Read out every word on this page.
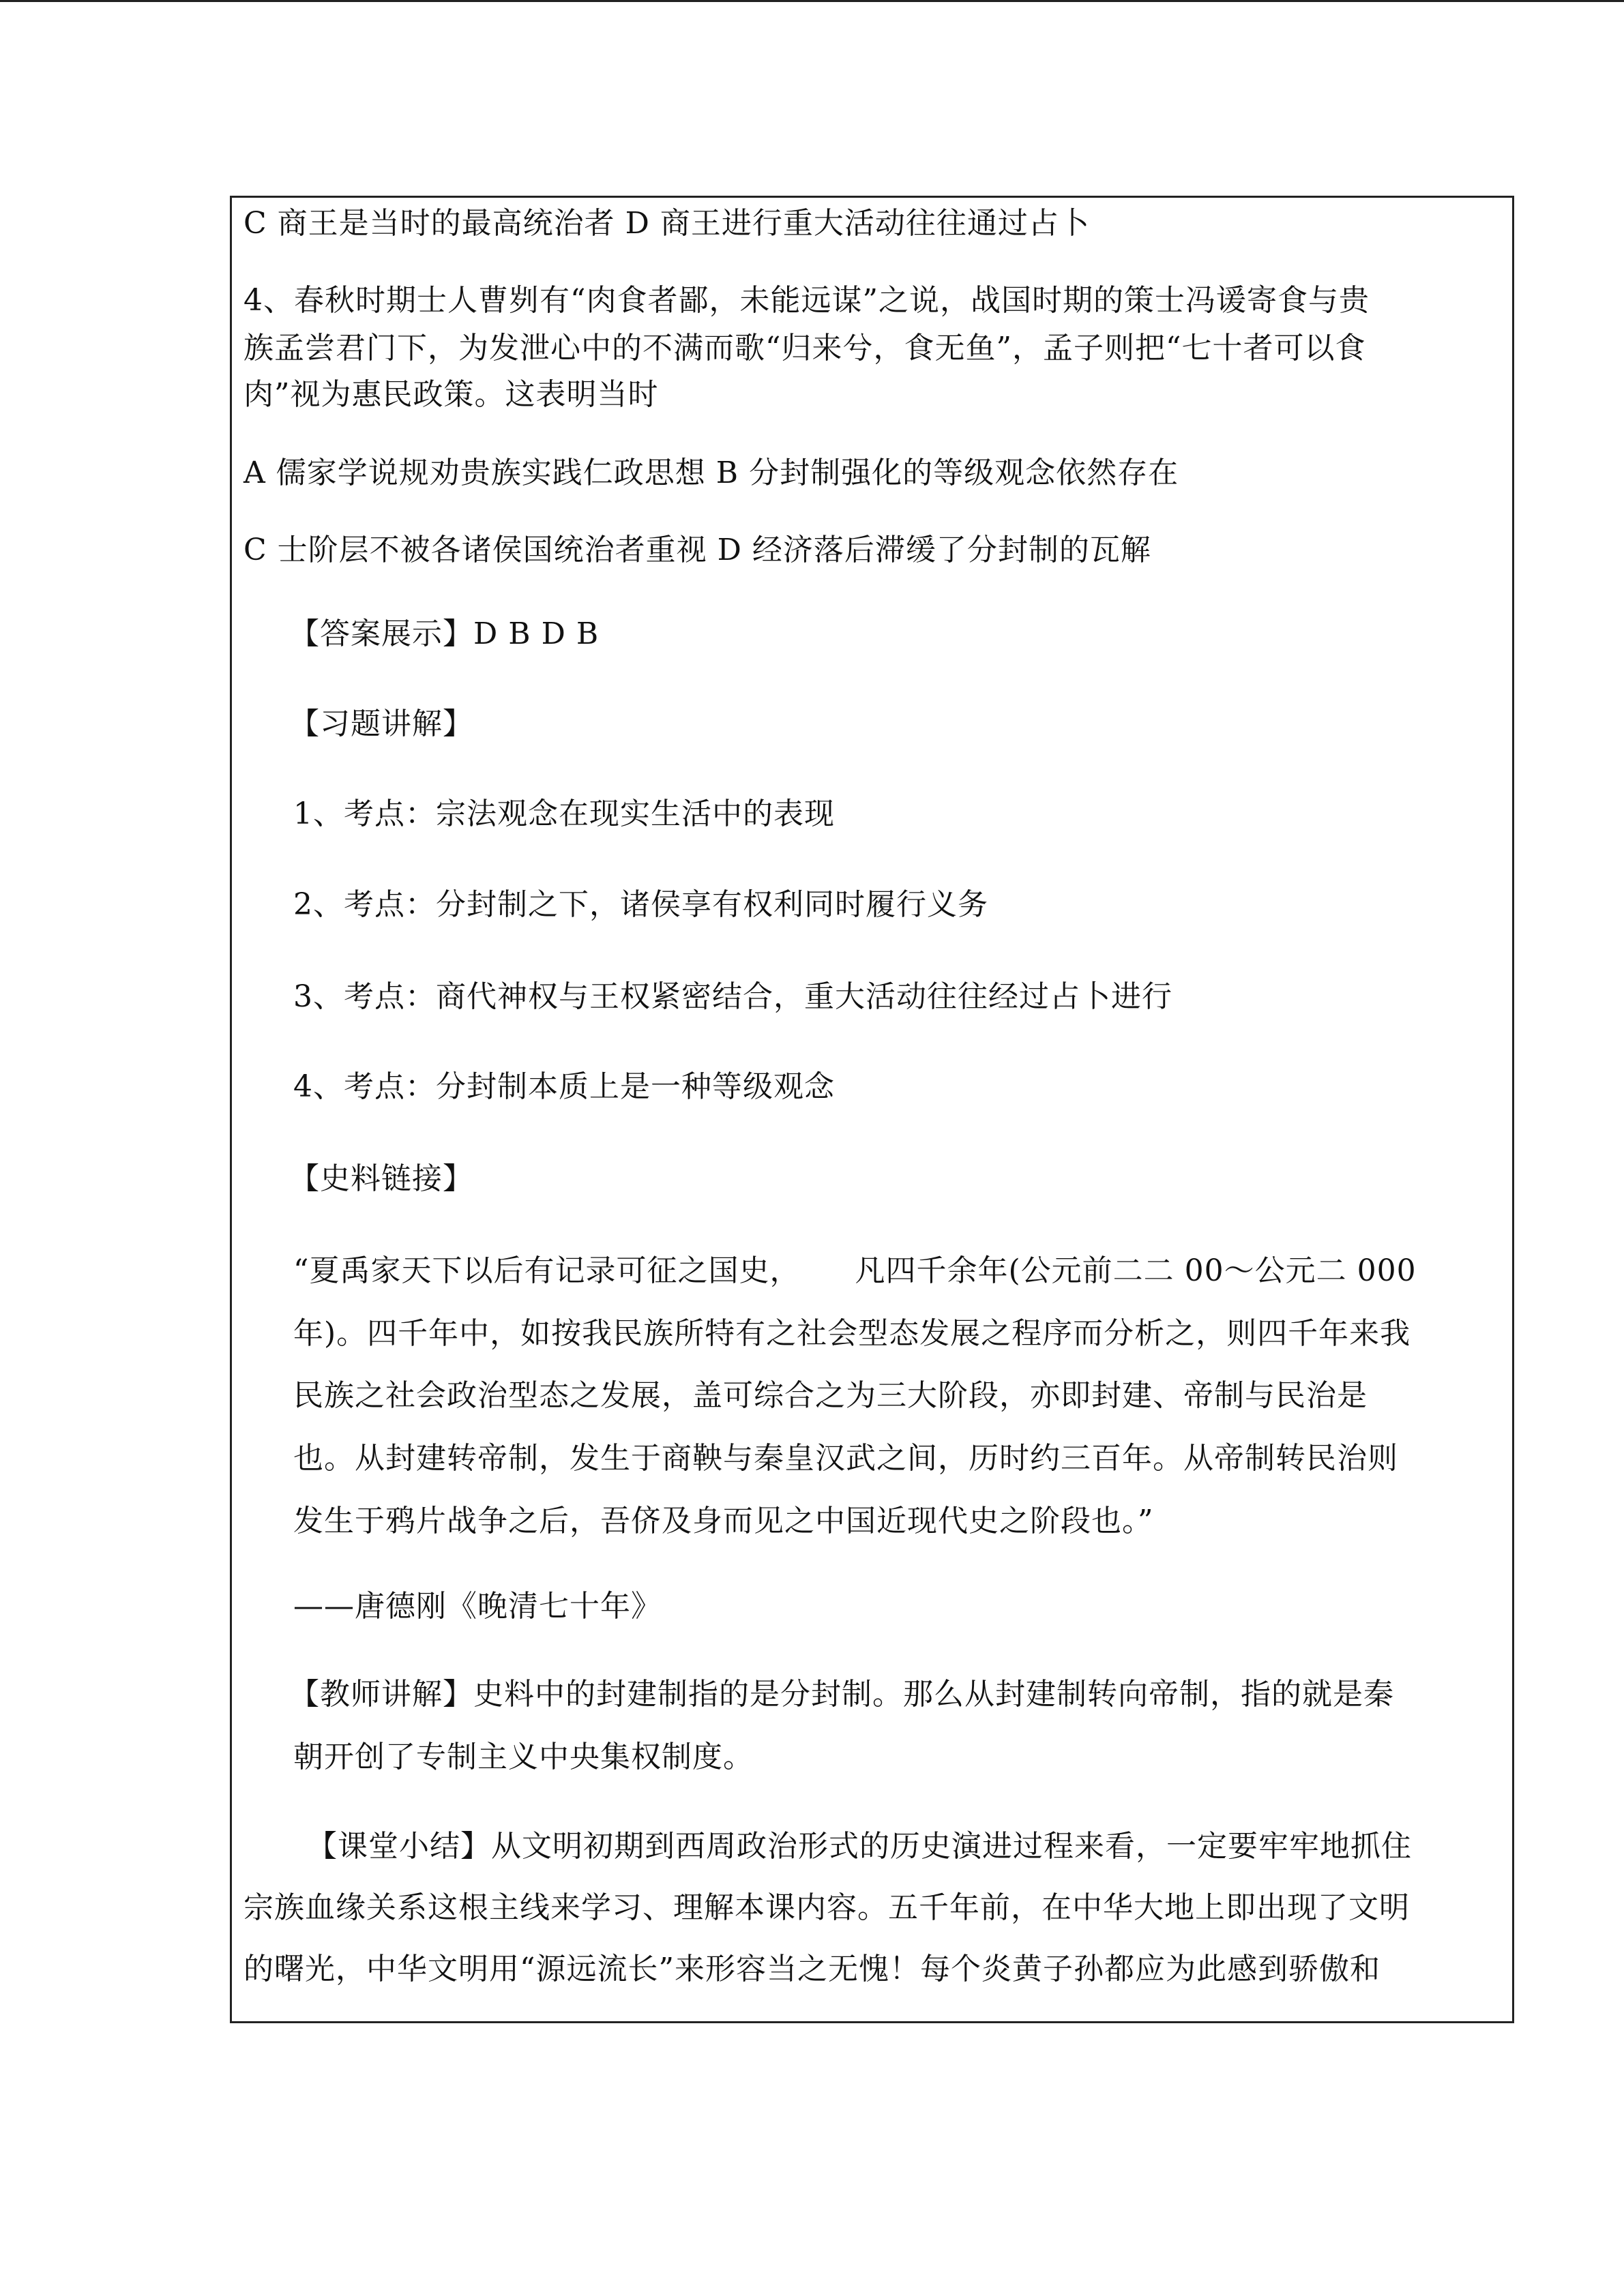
C 商王是当时的最高统治者 D 商王进行重大活动往往通过占卜
4、春秋时期士人曹刿有“肉食者鄙，未能远谋”之说，战国时期的策士冯谖寄食与贵
族孟尝君门下，为发泄心中的不满而歌“归来兮，食无鱼”，孟子则把“七十者可以食
肉”视为惠民政策。这表明当时
A 儒家学说规劝贵族实践仁政思想 B 分封制强化的等级观念依然存在
C 士阶层不被各诸侯国统治者重视 D 经济落后滞缓了分封制的瓦解
【答案展示】D B D B
【习题讲解】
1、考点：宗法观念在现实生活中的表现
2、考点：分封制之下，诸侯享有权利同时履行义务
3、考点：商代神权与王权紧密结合，重大活动往往经过占卜进行
4、考点：分封制本质上是一种等级观念
【史料链接】
“夏禹家天下以后有记录可征之国史， 凡四千余年(公元前二二 00～公元二 000
年)。四千年中，如按我民族所特有之社会型态发展之程序而分析之，则四千年来我
民族之社会政治型态之发展，盖可综合之为三大阶段，亦即封建、帝制与民治是
也。从封建转帝制，发生于商鞅与秦皇汉武之间，历时约三百年。从帝制转民治则
发生于鸦片战争之后，吾侪及身而见之中国近现代史之阶段也。”
——唐德刚《晚清七十年》
【教师讲解】史料中的封建制指的是分封制。那么从封建制转向帝制，指的就是秦
朝开创了专制主义中央集权制度。
【课堂小结】从文明初期到西周政治形式的历史演进过程来看，一定要牢牢地抓住
宗族血缘关系这根主线来学习、理解本课内容。五千年前，在中华大地上即出现了文明
的曙光，中华文明用“源远流长”来形容当之无愧！每个炎黄子孙都应为此感到骄傲和
